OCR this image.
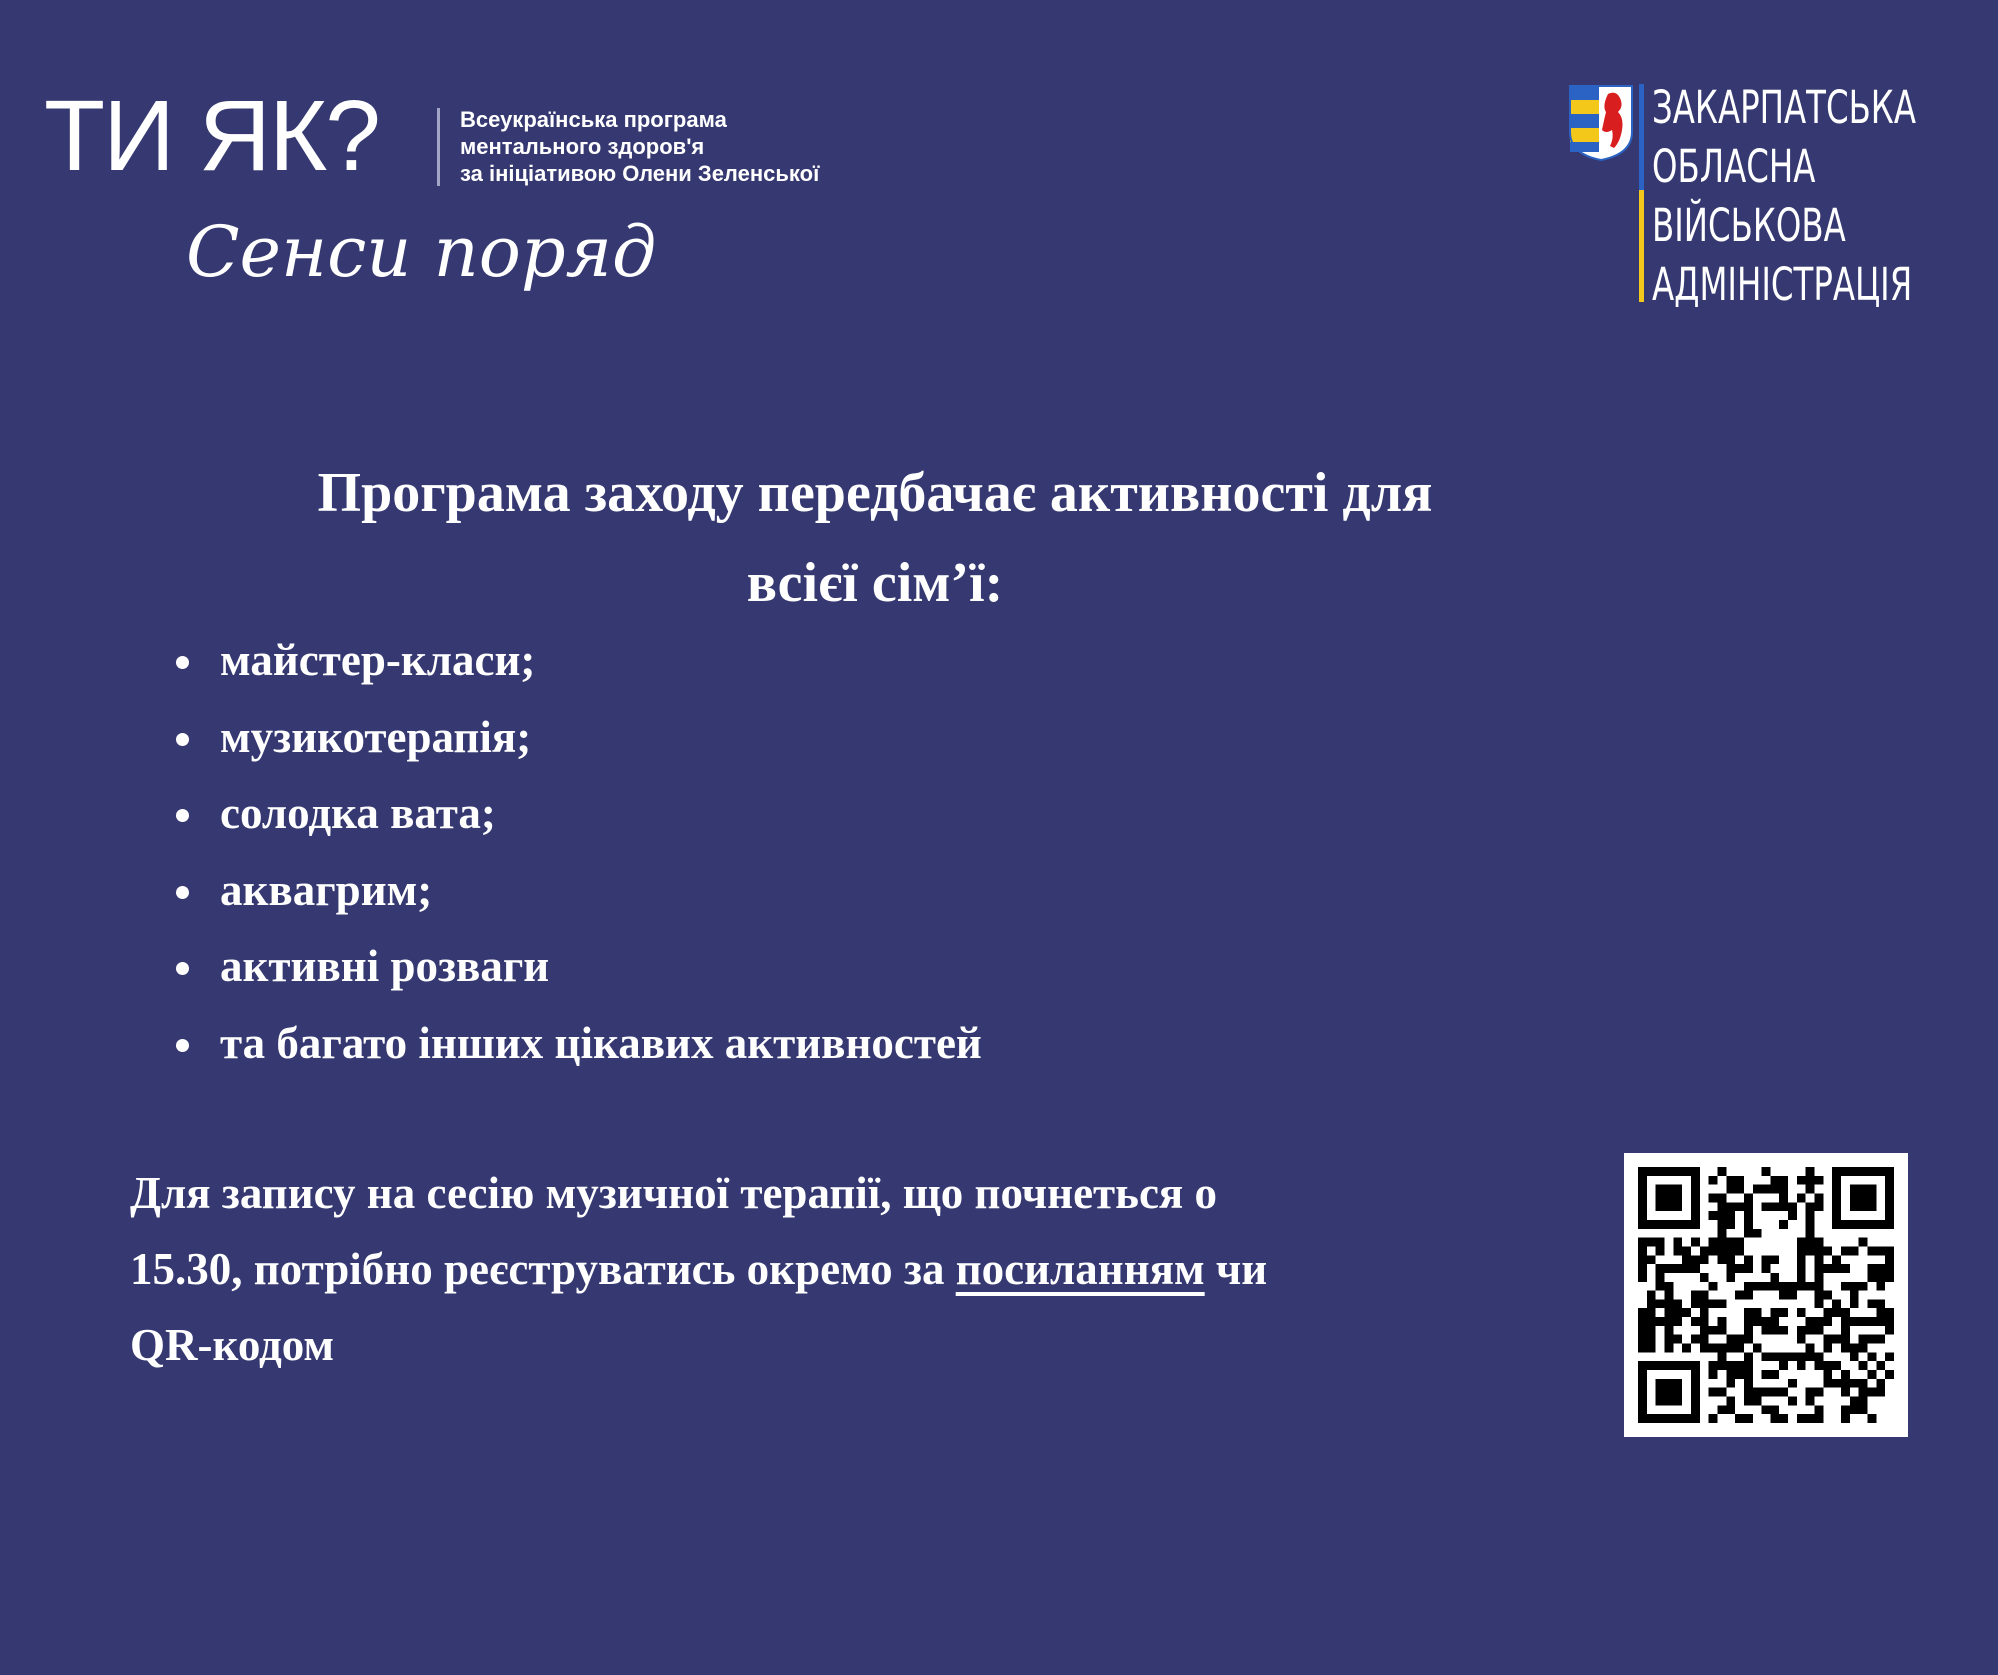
ТИ ЯК?	Всеукраїнська програма
ментального здоров'я
за ініціативою Олени Зеленської
Сенси поряд
ЗАКАРПАТСЬКА
ОБЛАСНА
ВІЙСЬКОВА
АДМІНІСТРАЦІЯ
Програма заходу передбачає активності для
всієї сім’ї:
майстер-класи;
музикотерапія;
солодка вата;
аквагрим;
активні розваги
та багато інших цікавих активностей
Для запису на сесію музичної терапії, що почнеться о
15.30, потрібно реєструватись окремо за посиланням чи
QR-кодом
